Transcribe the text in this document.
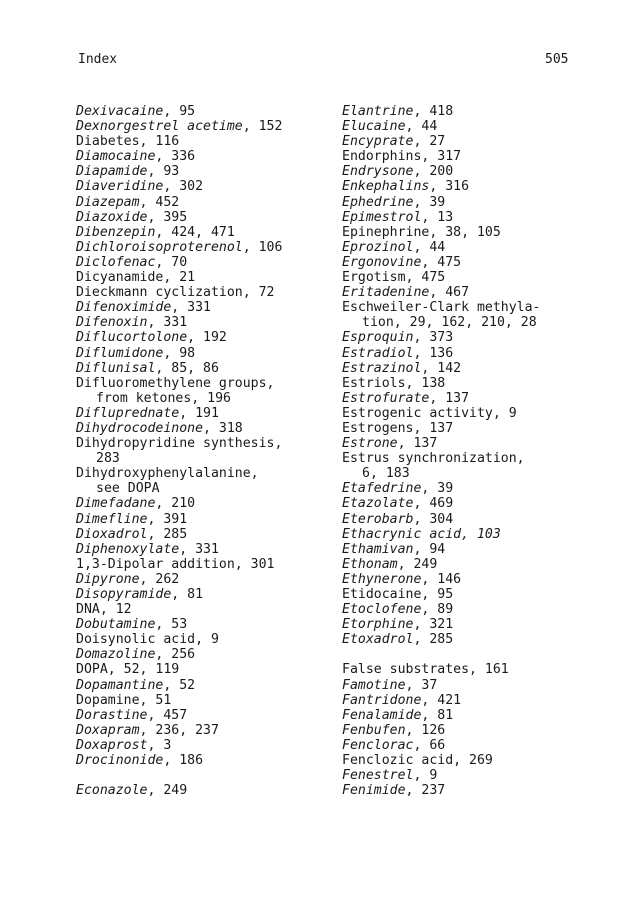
Index	505
Dexivacaine, 95
Dexnorgestrel acetime, 152
Diabetes, 116
Diamocaine, 336
Diapamide, 93
Diaveridine, 302
Diazepam, 452
Diazoxide, 395
Dibenzepin, 424, 471
Dichloroisoproterenol, 106
Diclofenac, 70
Dicyanamide, 21
Dieckmann cyclization, 72
Difenoximide, 331
Difenoxin, 331
Diflucortolone, 192
Diflumidone, 98
Diflunisal, 85, 86
Difluoromethylene groups,
from ketones, 196
Difluprednate, 191
Dihydrocodeinone, 318
Dihydropyridine synthesis,
283
Dihydroxyphenylalanine,
see DOPA
Dimefadane, 210
Dimefline, 391
Dioxadrol, 285
Diphenoxylate, 331
1,3-Dipolar addition, 301
Dipyrone, 262
Disopyramide, 81
DNA, 12
Dobutamine, 53
Doisynolic acid, 9
Domazoline, 256
DOPA, 52, 119
Dopamantine, 52
Dopamine, 51
Dorastine, 457
Doxapram, 236, 237
Doxaprost, 3
Drocinonide, 186
Econazole, 249
Elantrine, 418
Elucaine, 44
Encyprate, 27
Endorphins, 317
Endrysone, 200
Enkephalins, 316
Ephedrine, 39
Epimestrol, 13
Epinephrine, 38, 105
Eprozinol, 44
Ergonovine, 475
Ergotism, 475
Eritadenine, 467
Eschweiler-Clark methyla-
tion, 29, 162, 210, 28
Esproquin, 373
Estradiol, 136
Estrazinol, 142
Estriols, 138
Estrofurate, 137
Estrogenic activity, 9
Estrogens, 137
Estrone, 137
Estrus synchronization,
6, 183
Etafedrine, 39
Etazolate, 469
Eterobarb, 304
Ethacrynic acid, 103
Ethamivan, 94
Ethonam, 249
Ethynerone, 146
Etidocaine, 95
Etoclofene, 89
Etorphine, 321
Etoxadrol, 285
False substrates, 161
Famotine, 37
Fantridone, 421
Fenalamide, 81
Fenbufen, 126
Fenclorac, 66
Fenclozic acid, 269
Fenestrel, 9
Fenimide, 237
